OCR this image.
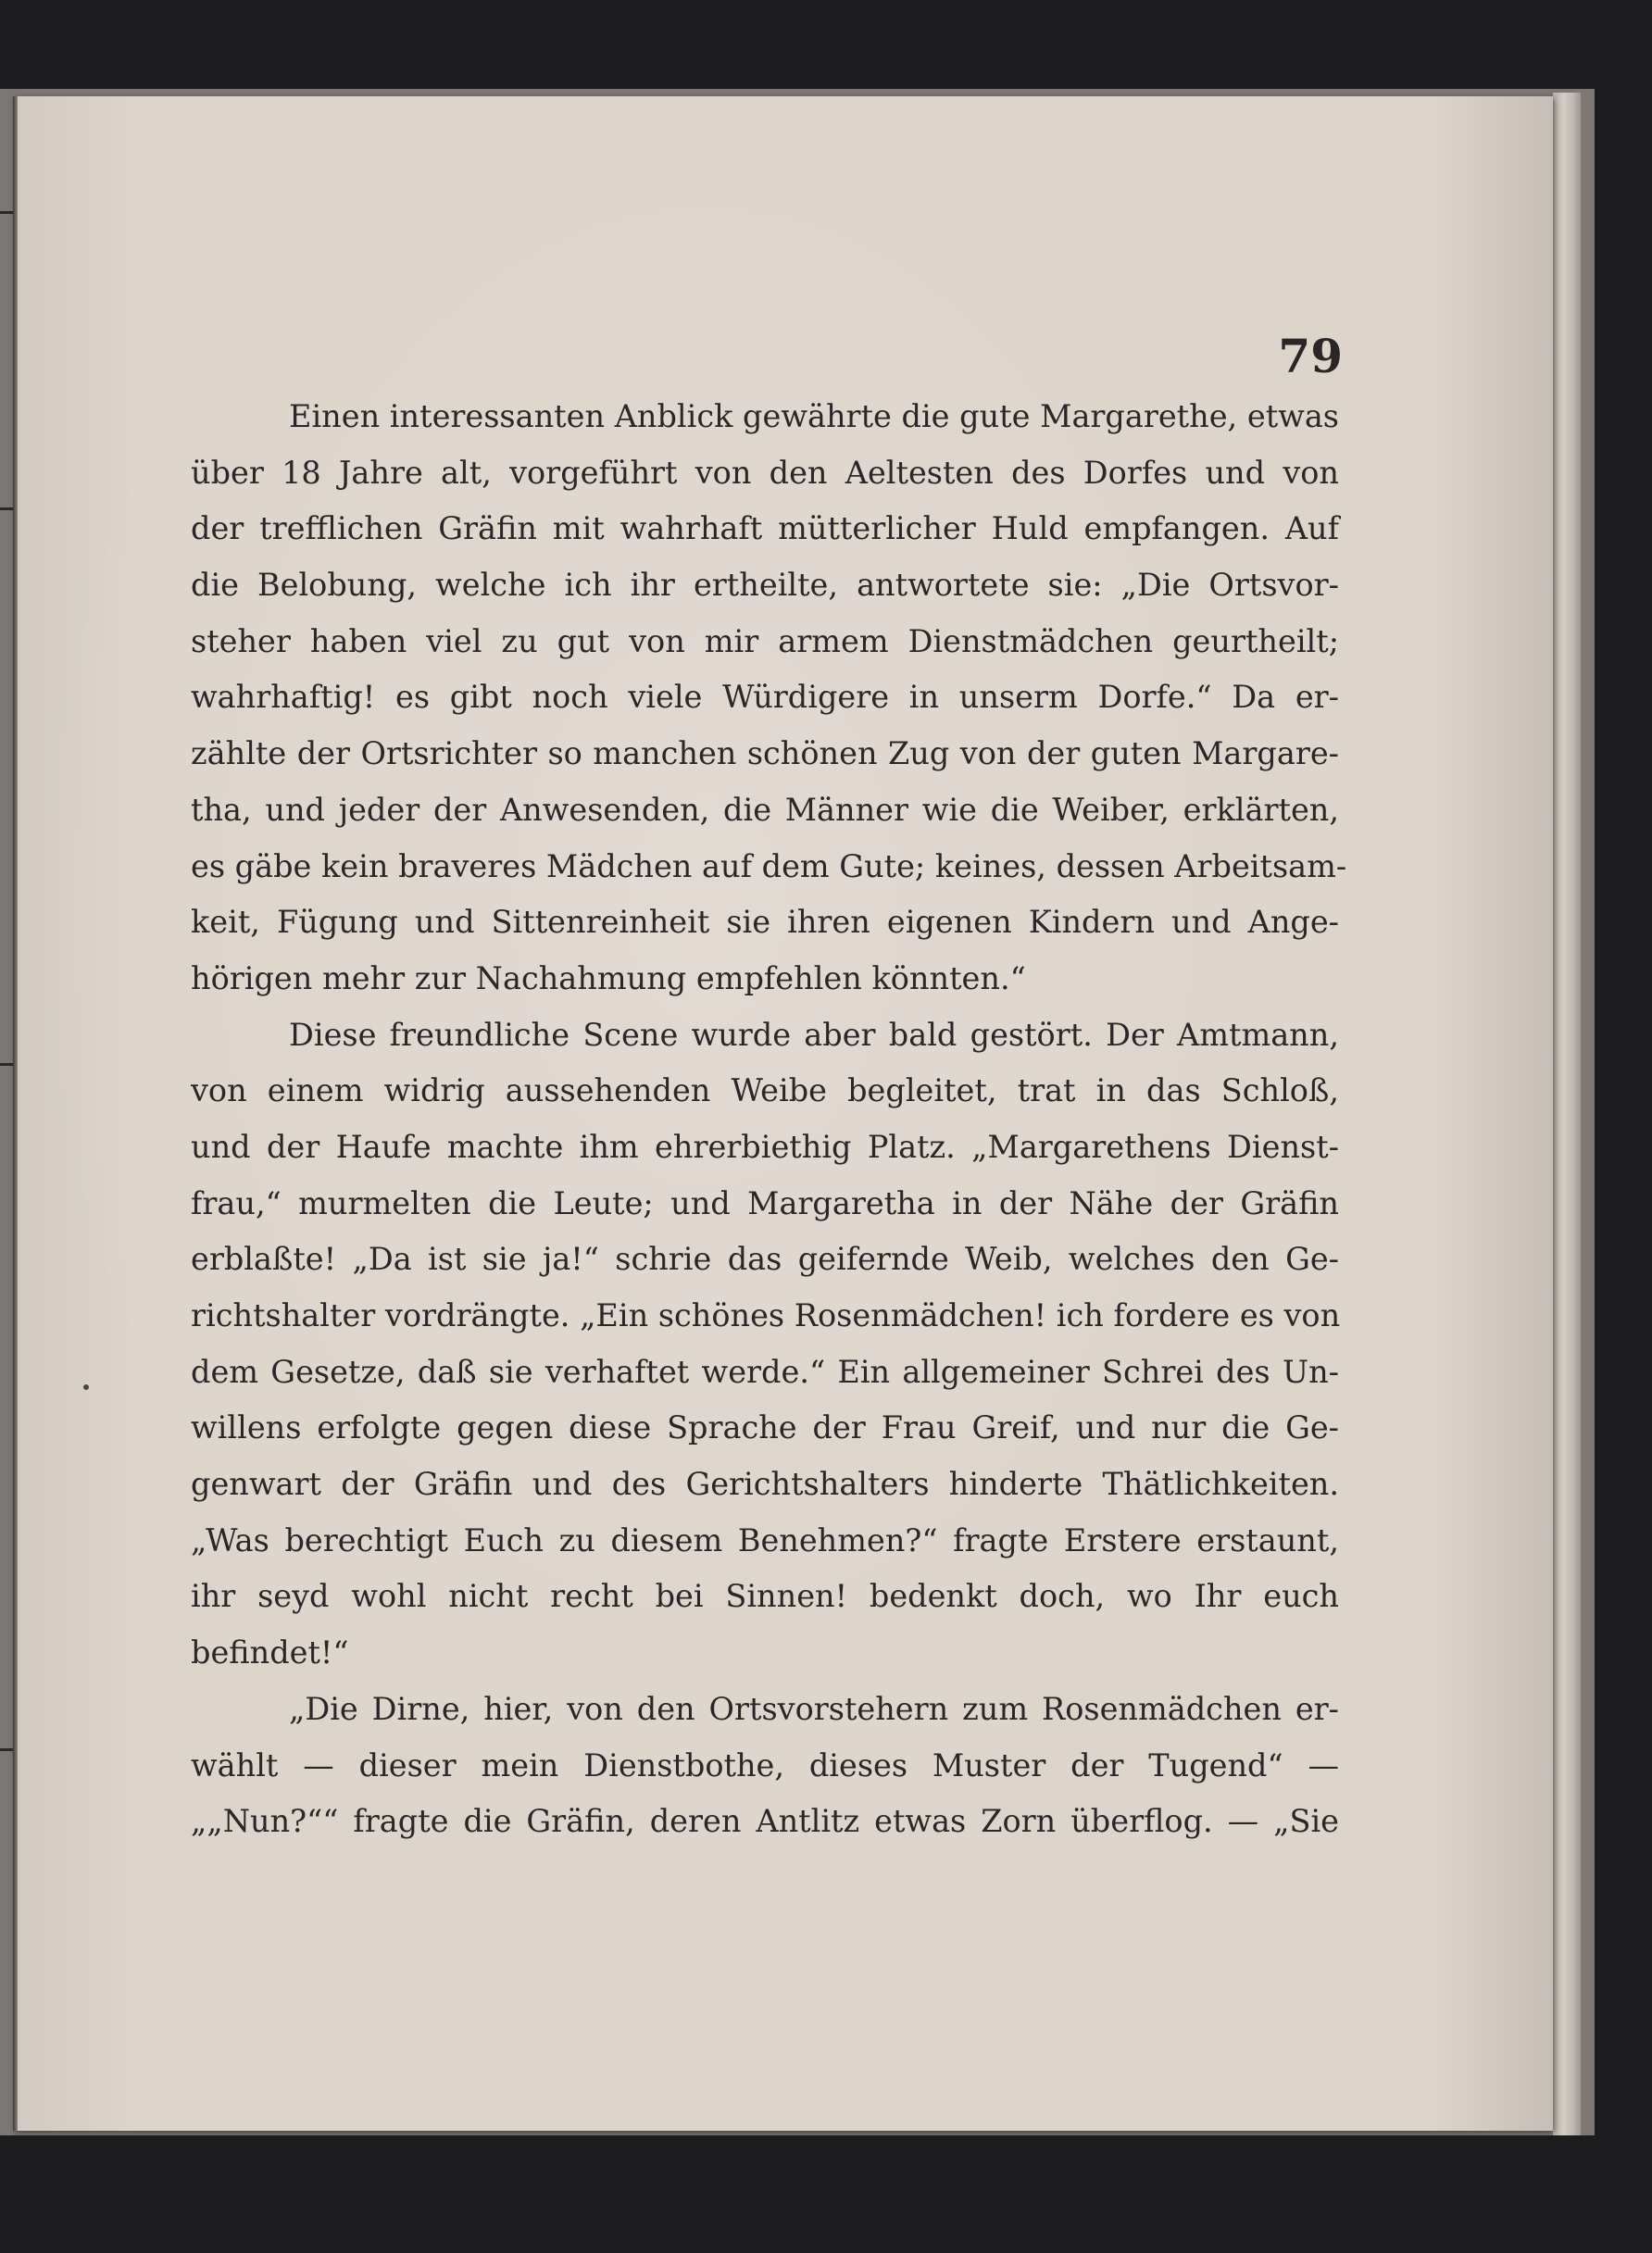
79
Einen interessanten Anblick gewährte die gute Margarethe, etwas
über 18 Jahre alt, vorgeführt von den Aeltesten des Dorfes und von
der trefflichen Gräfin mit wahrhaft mütterlicher Huld empfangen. Auf
die Belobung, welche ich ihr ertheilte, antwortete sie: „Die Ortsvor-
steher haben viel zu gut von mir armem Dienstmädchen geurtheilt;
wahrhaftig! es gibt noch viele Würdigere in unserm Dorfe.“ Da er-
zählte der Ortsrichter so manchen schönen Zug von der guten Margare-
tha, und jeder der Anwesenden, die Männer wie die Weiber, erklärten,
es gäbe kein braveres Mädchen auf dem Gute; keines, dessen Arbeitsam-
keit, Fügung und Sittenreinheit sie ihren eigenen Kindern und Ange-
hörigen mehr zur Nachahmung empfehlen könnten.“
Diese freundliche Scene wurde aber bald gestört. Der Amtmann,
von einem widrig aussehenden Weibe begleitet, trat in das Schloß,
und der Haufe machte ihm ehrerbiethig Platz. „Margarethens Dienst-
frau,“ murmelten die Leute; und Margaretha in der Nähe der Gräfin
erblaßte! „Da ist sie ja!“ schrie das geifernde Weib, welches den Ge-
richtshalter vordrängte. „Ein schönes Rosenmädchen! ich fordere es von
dem Gesetze, daß sie verhaftet werde.“ Ein allgemeiner Schrei des Un-
willens erfolgte gegen diese Sprache der Frau Greif, und nur die Ge-
genwart der Gräfin und des Gerichtshalters hinderte Thätlichkeiten.
„Was berechtigt Euch zu diesem Benehmen?“ fragte Erstere erstaunt,
ihr seyd wohl nicht recht bei Sinnen! bedenkt doch, wo Ihr euch
befindet!“
„Die Dirne, hier, von den Ortsvorstehern zum Rosenmädchen er-
wählt — dieser mein Dienstbothe, dieses Muster der Tugend“ —
„„Nun?““ fragte die Gräfin, deren Antlitz etwas Zorn überflog. — „Sie
